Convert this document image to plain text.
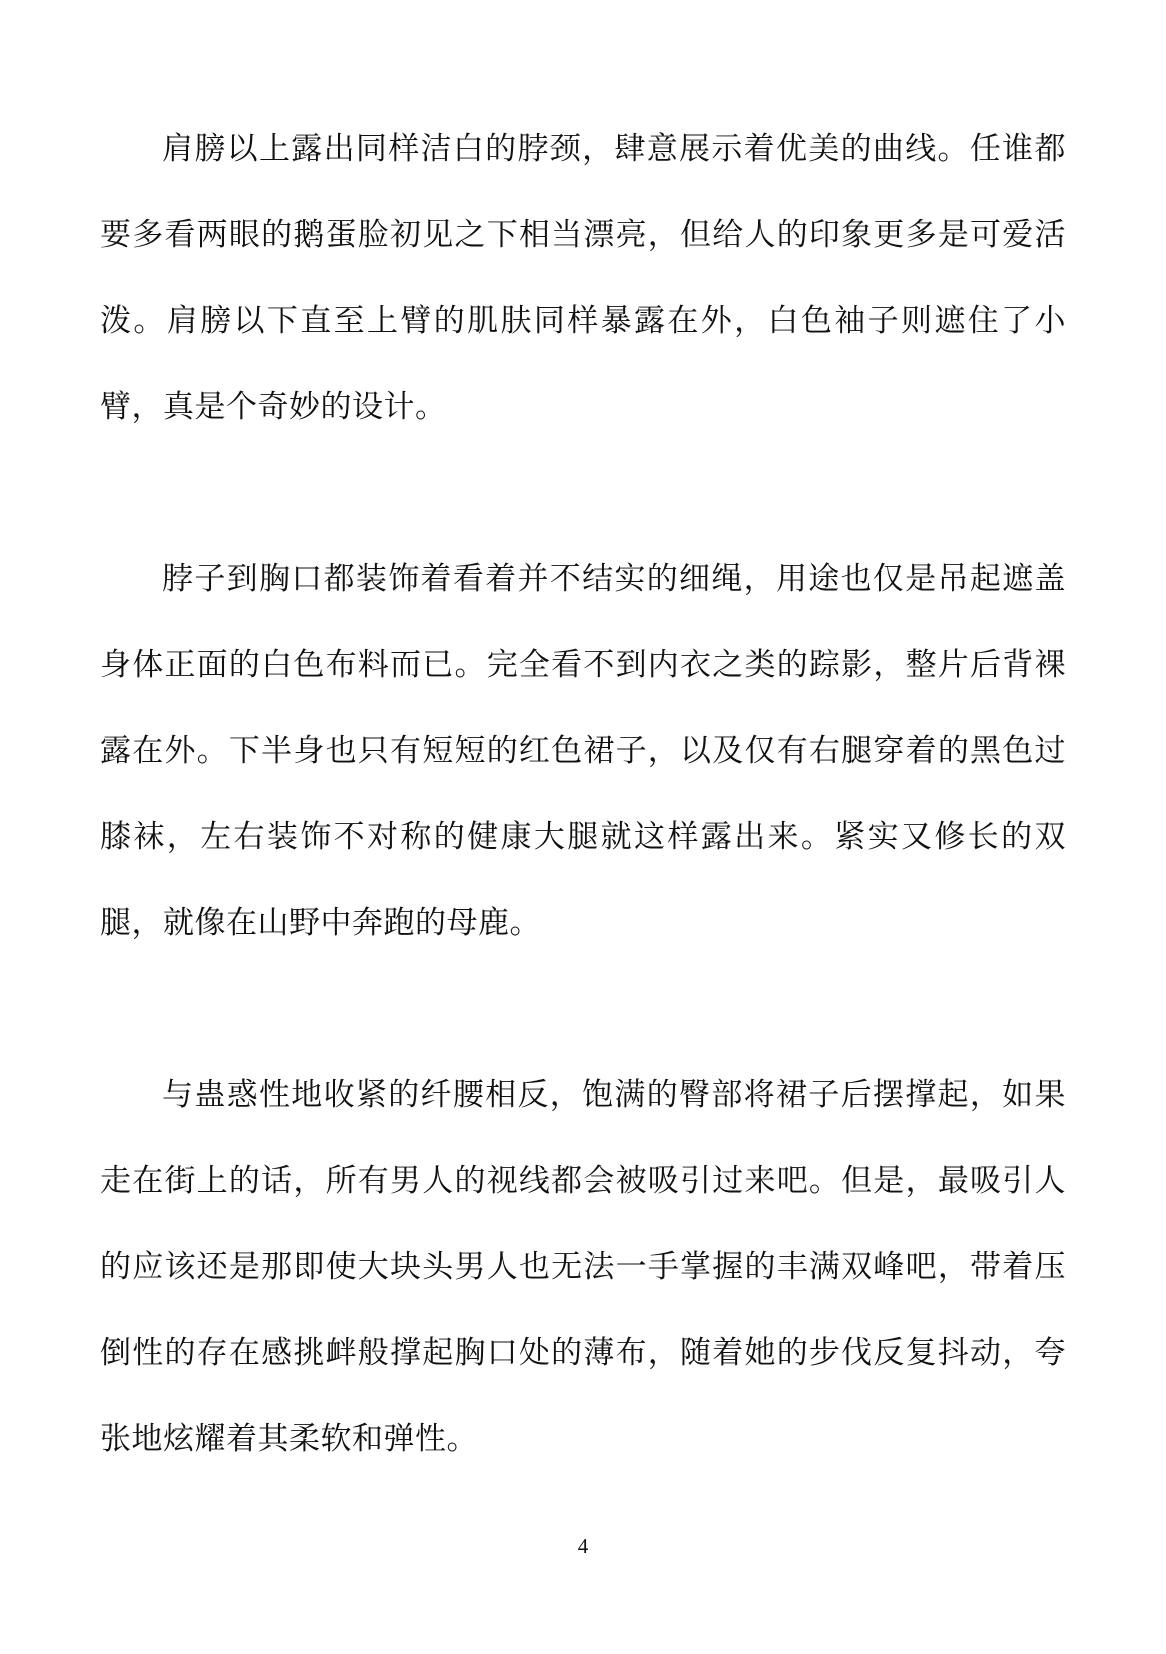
肩膀以上露出同样洁白的脖颈，肆意展示着优美的曲线。任谁都要多看两眼的鹅蛋脸初见之下相当漂亮，但给人的印象更多是可爱活泼。肩膀以下直至上臂的肌肤同样暴露在外，白色袖子则遮住了小臂，真是个奇妙的设计。

脖子到胸口都装饰着看着并不结实的细绳，用途也仅是吊起遮盖身体正面的白色布料而已。完全看不到内衣之类的踪影，整片后背裸露在外。下半身也只有短短的红色裙子，以及仅有右腿穿着的黑色过膝袜，左右装饰不对称的健康大腿就这样露出来。紧实又修长的双腿，就像在山野中奔跑的母鹿。

与蛊惑性地收紧的纤腰相反，饱满的臀部将裙子后摆撑起，如果走在街上的话，所有男人的视线都会被吸引过来吧。但是，最吸引人的应该还是那即使大块头男人也无法一手掌握的丰满双峰吧，带着压倒性的存在感挑衅般撑起胸口处的薄布，随着她的步伐反复抖动，夸张地炫耀着其柔软和弹性。

4
